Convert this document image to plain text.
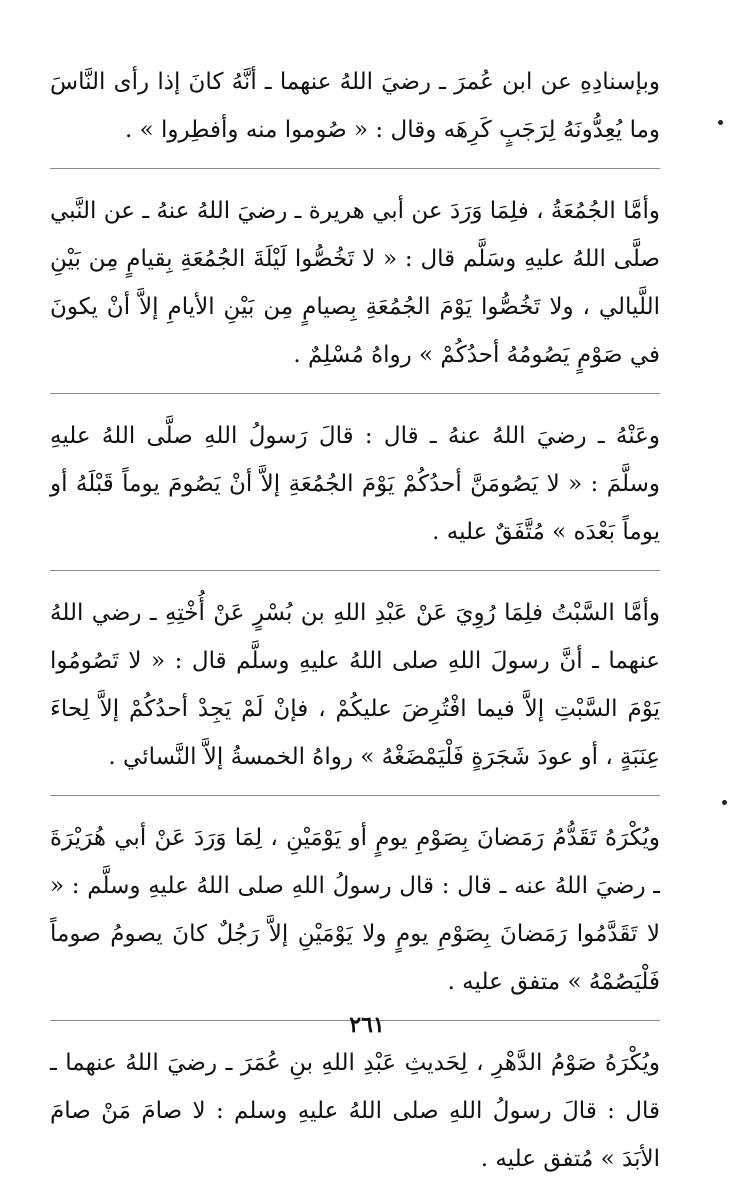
وبإسنادِهِ عن ابن عُمرَ ـ رضيَ اللهُ عنهما ـ أنَّهُ كانَ إذا رأى النَّاسَ وما يُعِدُّونَهُ لِرَجَبٍ كَرِهَه وقال : « صُوموا منه وأفطِروا » .

وأمَّا الجُمُعَةُ ، فلِمَا وَرَدَ عن أبي هريرة ـ رضيَ اللهُ عنهُ ـ عن النَّبي صلَّى اللهُ عليهِ وسَلَّم قال : « لا تَخُصُّوا لَيْلَةَ الجُمُعَةِ بِقيامٍ مِن بَيْنِ اللَّيالي ، ولا تَخُصُّوا يَوْمَ الجُمُعَةِ بِصيامٍ مِن بَيْنِ الأيامِ إلاَّ أنْ يكونَ في صَوْمٍ يَصُومُهُ أحدُكُمْ » رواهُ مُسْلِمٌ .

وعَنْهُ ـ رضيَ اللهُ عنهُ ـ قال : قالَ رَسولُ اللهِ صلَّى اللهُ عليهِ وسلَّمَ : « لا يَصُومَنَّ أحدُكُمْ يَوْمَ الجُمُعَةِ إلاَّ أنْ يَصُومَ يوماً قَبْلَهُ أو يوماً بَعْدَه » مُتَّفَقٌ عليه .

وأمَّا السَّبْتُ فلِمَا رُوِيَ عَنْ عَبْدِ اللهِ بن بُسْرٍ عَنْ أُخْتِهِ ـ رضي اللهُ عنهما ـ أنَّ رسولَ اللهِ صلى اللهُ عليهِ وسلَّم قال : « لا تَصُومُوا يَوْمَ السَّبْتِ إلاَّ فيما افْتُرِضَ عليكُمْ ، فإنْ لَمْ يَجِدْ أحدُكُمْ إلاَّ لِحاءَ عِنَبَةٍ ، أو عودَ شَجَرَةٍ فَلْيَمْضَغْهُ » رواهُ الخمسةُ إلاَّ النَّسائي .

ويُكْرَهُ تَقَدُّمُ رَمَضانَ بِصَوْمِ يومٍ أو يَوْمَيْنِ ، لِمَا وَرَدَ عَنْ أبي هُرَيْرَةَ ـ رضيَ اللهُ عنه ـ قال : قال رسولُ اللهِ صلى اللهُ عليهِ وسلَّم : « لا تَقَدَّمُوا رَمَضانَ بِصَوْمِ يومٍ ولا يَوْمَيْنِ إلاَّ رَجُلٌ كانَ يصومُ صوماً فَلْيَصُمْهُ » متفق عليه .

ويُكْرَهُ صَوْمُ الدَّهْرِ ، لِحَديثِ عَبْدِ اللهِ بنِ عُمَرَ ـ رضيَ اللهُ عنهما ـ قال : قالَ رسولُ اللهِ صلى اللهُ عليهِ وسلم : لا صامَ مَنْ صامَ الأبَدَ » مُتفق عليه .

٢٦١
